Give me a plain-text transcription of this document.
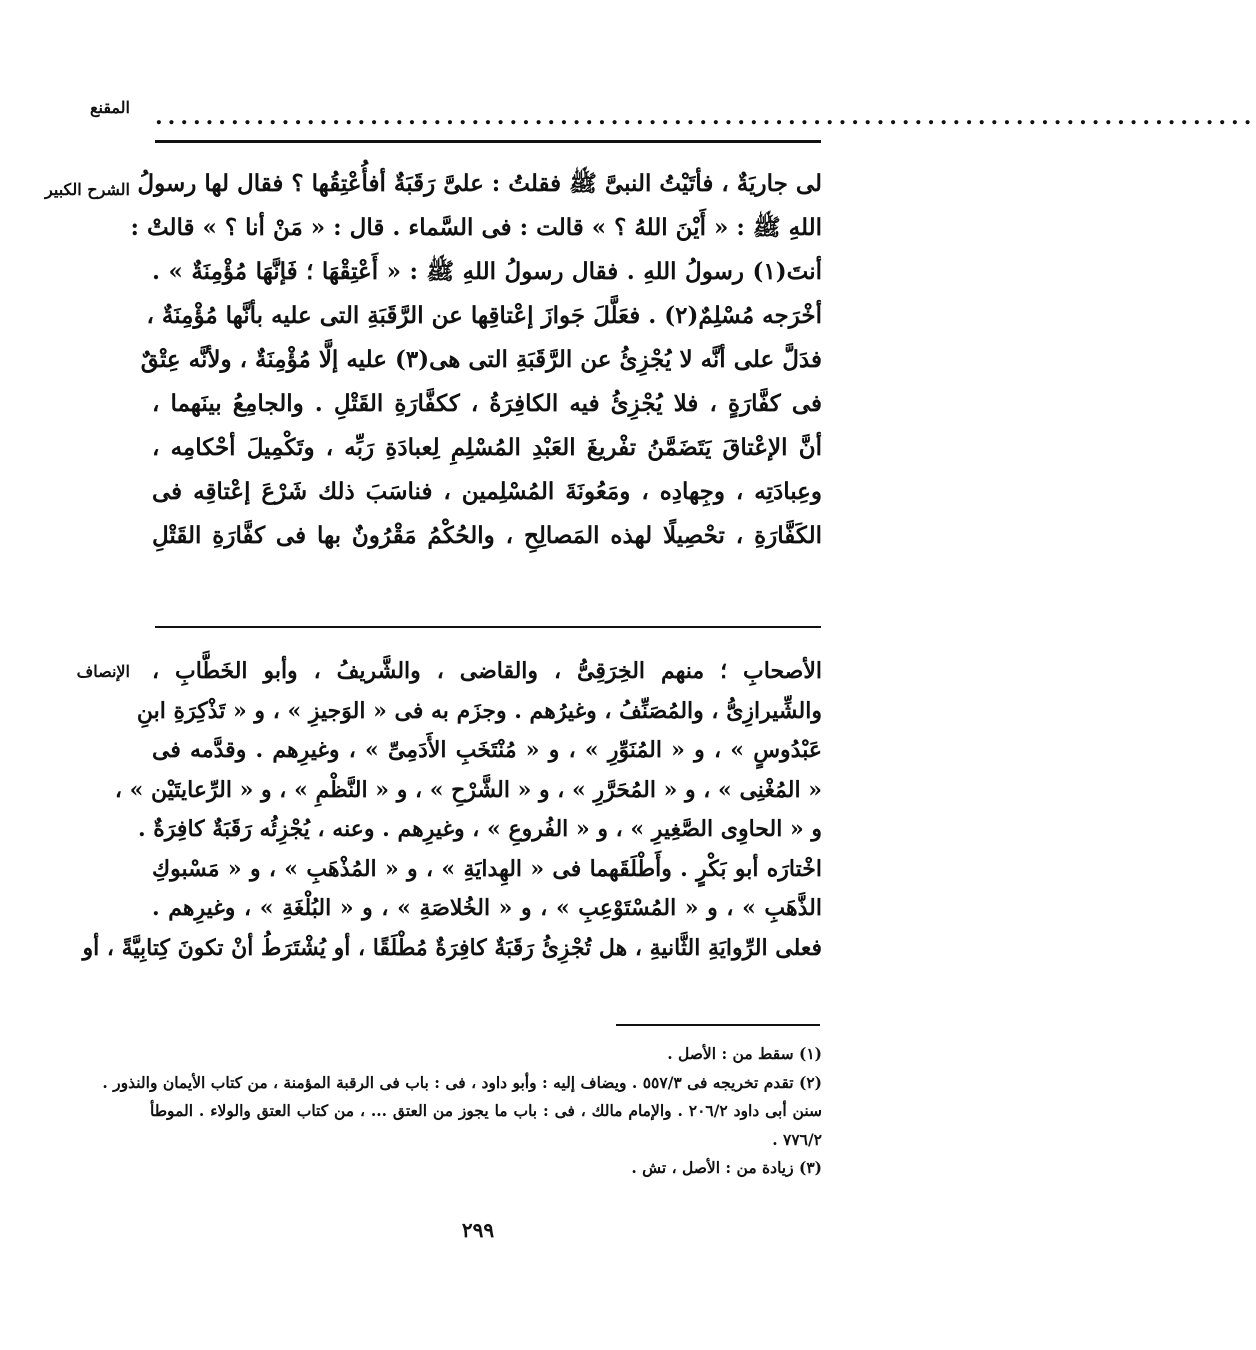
المقنع .......................................................................................
الشرح الكبير لى جاريَةٌ ، فأتَيْتُ النبىَّ ﷺ فقلتُ : علىَّ رَقَبَةٌ أفأُعْتِقُها ؟ فقال لها رسولُ
اللهِ ﷺ : « أَيْنَ اللهُ ؟ » قالت : فى السَّماء . قال : « مَنْ أنا ؟ » قالتْ :
أنتَ(١) رسولُ اللهِ . فقال رسولُ اللهِ ﷺ : « أَعْتِقْهَا ؛ فَإنَّهَا مُؤْمِنَةٌ » .
أخْرَجه مُسْلِمٌ(٢) . فعَلَّلَ جَوازَ إعْتاقِها عن الرَّقَبَةِ التى عليه بأنَّها مُؤْمِنَةٌ ،
فدَلَّ على أنَّه لا يُجْزِئُ عن الرَّقَبَةِ التى هى(٣) عليه إلَّا مُؤْمِنَةٌ ، ولأنَّه عِتْقٌ
فى كفَّارَةٍ ، فلا يُجْزِئُ فيه الكافِرَةُ ، ككفَّارَةِ القَتْلِ . والجامِعُ بينَهما ،
أنَّ الإعْتاقَ يَتَضَمَّنُ تفْريغَ العَبْدِ المُسْلِمِ لِعبادَةِ رَبِّه ، وتَكْمِيلَ أحْكامِه ،
وعِبادَتِه ، وجِهادِه ، ومَعُونَةَ المُسْلِمين ، فناسَبَ ذلك شَرْعَ إعْتاقِه فى
الكَفَّارَةِ ، تحْصِيلًا لهذه المَصالِحِ ، والحُكْمُ مَقْرُونٌ بها فى كفَّارَةِ القَتْلِ
الإنصاف الأصحابِ ؛ منهم الخِرَقِىُّ ، والقاضى ، والشَّريفُ ، وأبو الخَطَّابِ ،
والشِّيرازِىُّ ، والمُصَنِّفُ ، وغيرُهم . وجزَم به فى « الوَجيزِ » ، و « تَذْكِرَةِ ابنِ
عَبْدُوسٍ » ، و « المُنَوِّرِ » ، و « مُنْتَخَبِ الأَدَمِىِّ » ، وغيرِهم . وقدَّمه فى
« المُغْنِى » ، و « المُحَرَّرِ » ، و « الشَّرْحِ » ، و « النَّظْمِ » ، و « الرِّعايتَيْن » ،
و « الحاوِى الصَّغِيرِ » ، و « الفُروعِ » ، وغيرِهم . وعنه ، يُجْزِئُه رَقَبَةٌ كافِرَةٌ .
اخْتارَه أبو بَكْرٍ . وأَطْلَقَهما فى « الهِدايَةِ » ، و « المُذْهَبِ » ، و « مَسْبوكِ
الذَّهَبِ » ، و « المُسْتَوْعِبِ » ، و « الخُلاصَةِ » ، و « البُلْغَةِ » ، وغيرِهم .
فعلى الرِّوايَةِ الثَّانيةِ ، هل تُجْزِئُ رَقَبَةٌ كافِرَةٌ مُطْلَقًا ، أو يُشْتَرَطُ أنْ تكونَ كِتابِيَّةً ، أو
(١) سقط من : الأصل .
(٢) تقدم تخريجه فى ٥٥٧/٣ . ويضاف إليه : وأبو داود ، فى : باب فى الرقبة المؤمنة ، من كتاب الأيمان والنذور .
سنن أبى داود ٢٠٦/٢ . والإمام مالك ، فى : باب ما يجوز من العتق ... ، من كتاب العتق والولاء . الموطأ
٧٧٦/٢ .
(٣) زيادة من : الأصل ، تش .
٢٩٩
